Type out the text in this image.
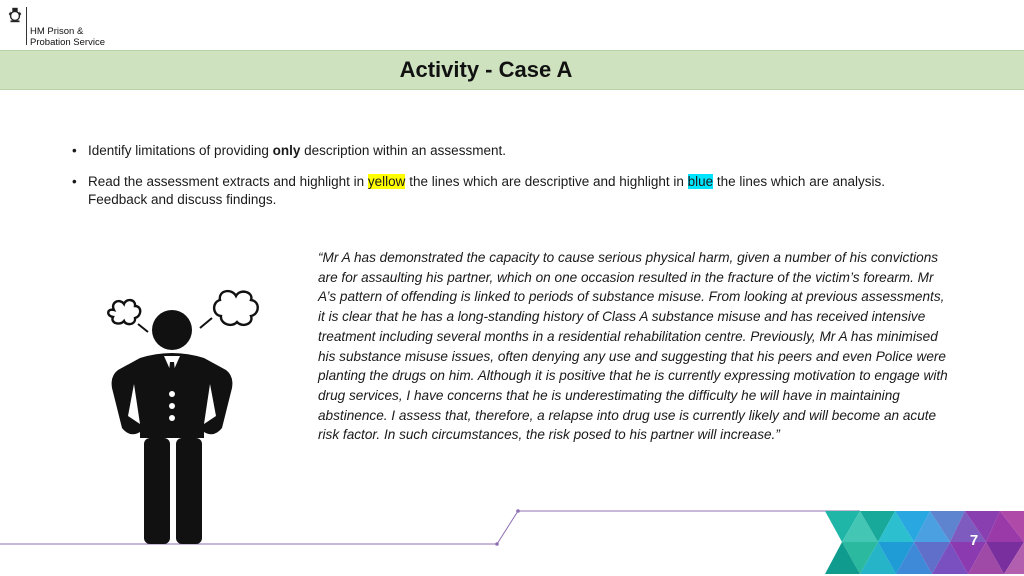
HM Prison &
Probation Service
Activity - Case A
• Identify limitations of providing only description within an assessment.
• Read the assessment extracts and highlight in yellow the lines which are descriptive and highlight in blue the lines which are analysis. Feedback and discuss findings.
“Mr A has demonstrated the capacity to cause serious physical harm, given a number of his convictions are for assaulting his partner, which on one occasion resulted in the fracture of the victim’s forearm. Mr A’s pattern of offending is linked to periods of substance misuse. From looking at previous assessments, it is clear that he has a long-standing history of Class A substance misuse and has received intensive treatment including several months in a residential rehabilitation centre. Previously, Mr A has minimised his substance misuse issues, often denying any use and suggesting that his peers and even Police were planting the drugs on him. Although it is positive that he is currently expressing motivation to engage with drug services, I have concerns that he is underestimating the difficulty he will have in maintaining abstinence. I assess that, therefore, a relapse into drug use is currently likely and will become an acute risk factor. In such circumstances, the risk posed to his partner will increase.”
7
